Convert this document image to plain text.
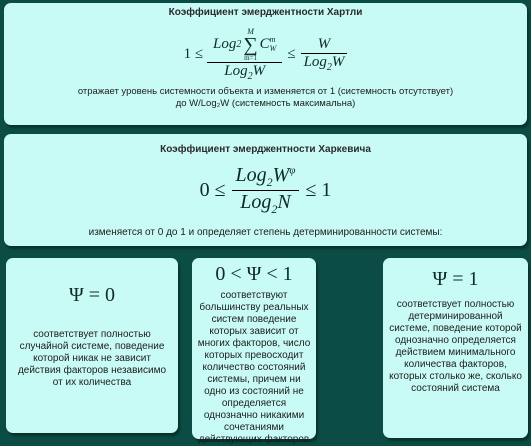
Коэффициент эмерджентности Хартли
1 ≤
Log 2
M
∑
m=1
C m
W
Log$_2$W
≤ $\frac{W}{Log_2W}$
отражает уровень системности объекта и изменяется от 1 (системность отсутствует)
до W/Log₂W (системность максимальна)
Коэффициент эмерджентности Харкевича
$0 \le \frac{Log_2W^\varphi}{Log_2N} \le 1$
изменяется от 0 до 1 и определяет степень детерминированности системы:
Ψ = 0
соответствует полностью случайной системе, поведение которой никак не зависит действия факторов независимо от их количества
0 < Ψ < 1
соответствуют большинству реальных систем поведение которых зависит от многих факторов, число которых превосходит количество состояний системы, причем ни одно из состояний не определяется однозначно никакими сочетаниями действующих факторов
Ψ = 1
соответствует полностью детерминированной системе, поведение которой однозначно определяется действием минимального количества факторов, которых столько же, сколько состояний система
